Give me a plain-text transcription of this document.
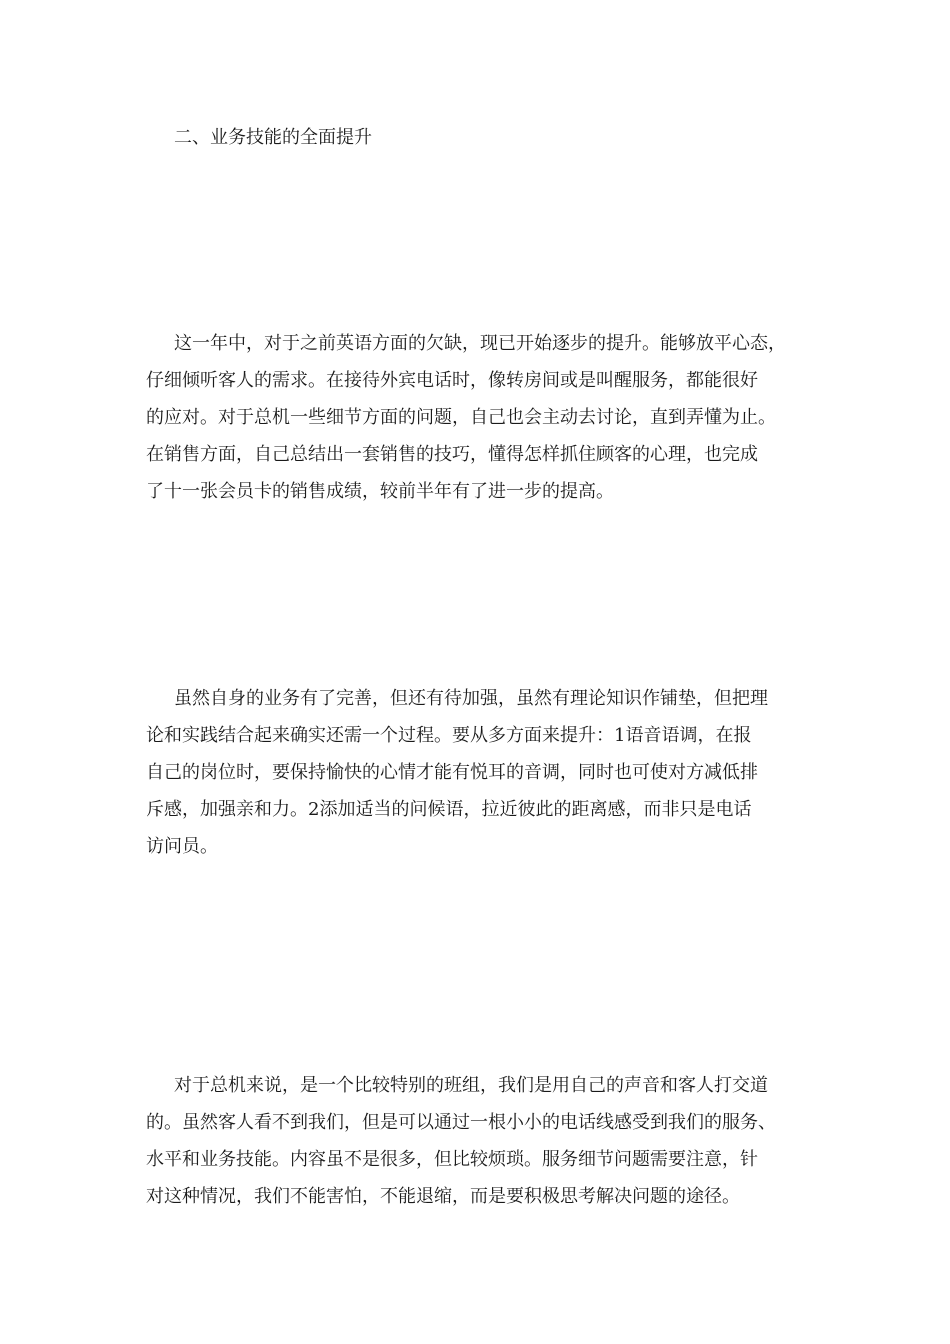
二、业务技能的全面提升
这一年中，对于之前英语方面的欠缺，现已开始逐步的提升。能够放平心态，
仔细倾听客人的需求。在接待外宾电话时，像转房间或是叫醒服务，都能很好
的应对。对于总机一些细节方面的问题，自己也会主动去讨论，直到弄懂为止。
在销售方面，自己总结出一套销售的技巧，懂得怎样抓住顾客的心理，也完成
了十一张会员卡的销售成绩，较前半年有了进一步的提高。
虽然自身的业务有了完善，但还有待加强，虽然有理论知识作铺垫，但把理
论和实践结合起来确实还需一个过程。要从多方面来提升：1语音语调，在报
自己的岗位时，要保持愉快的心情才能有悦耳的音调，同时也可使对方减低排
斥感，加强亲和力。2添加适当的问候语，拉近彼此的距离感，而非只是电话
访问员。
对于总机来说，是一个比较特别的班组，我们是用自己的声音和客人打交道
的。虽然客人看不到我们，但是可以通过一根小小的电话线感受到我们的服务、
水平和业务技能。内容虽不是很多，但比较烦琐。服务细节问题需要注意，针
对这种情况，我们不能害怕，不能退缩，而是要积极思考解决问题的途径。
